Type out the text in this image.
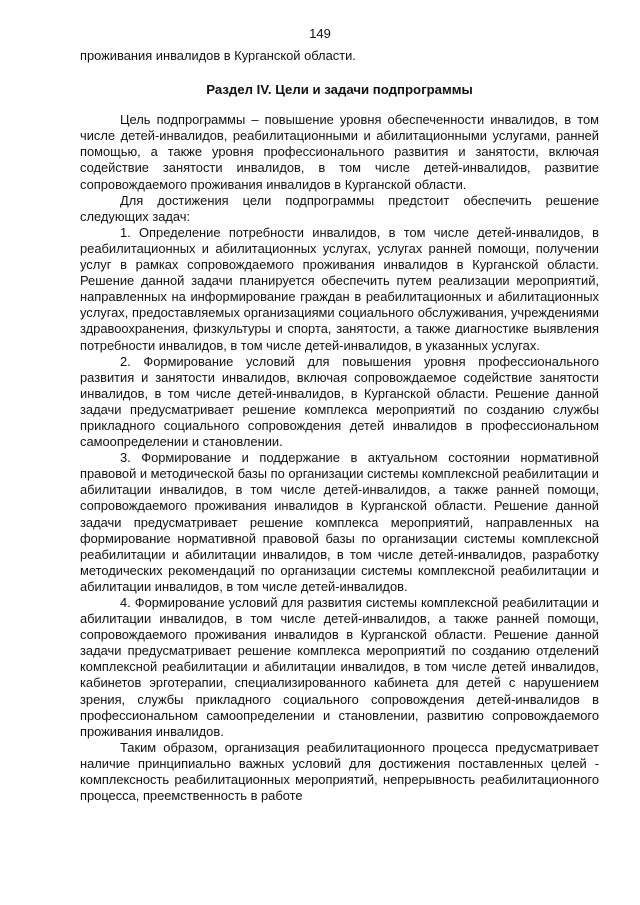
149

проживания инвалидов в Курганской области.

Раздел IV. Цели и задачи подпрограммы

Цель подпрограммы – повышение уровня обеспеченности инвалидов, в том числе детей-инвалидов, реабилитационными и абилитационными услугами, ранней помощью, а также уровня профессионального развития и занятости, включая содействие занятости инвалидов, в том числе детей-инвалидов, развитие сопровождаемого проживания инвалидов в Курганской области.

Для достижения цели подпрограммы предстоит обеспечить решение следующих задач:

1. Определение потребности инвалидов, в том числе детей-инвалидов, в реабилитационных и абилитационных услугах, услугах ранней помощи, получении услуг в рамках сопровождаемого проживания инвалидов в Курганской области. Решение данной задачи планируется обеспечить путем реализации мероприятий, направленных на информирование граждан в реабилитационных и абилитационных услугах, предоставляемых организациями социального обслуживания, учреждениями здравоохранения, физкультуры и спорта, занятости, а также диагностике выявления потребности инвалидов, в том числе детей-инвалидов, в указанных услугах.

2. Формирование условий для повышения уровня профессионального развития и занятости инвалидов, включая сопровождаемое содействие занятости инвалидов, в том числе детей-инвалидов, в Курганской области. Решение данной задачи предусматривает решение комплекса мероприятий по созданию службы прикладного социального сопровождения детей инвалидов в профессиональном самоопределении и становлении.

3. Формирование и поддержание в актуальном состоянии нормативной правовой и методической базы по организации системы комплексной реабилитации и абилитации инвалидов, в том числе детей-инвалидов, а также ранней помощи, сопровождаемого проживания инвалидов в Курганской области. Решение данной задачи предусматривает решение комплекса мероприятий, направленных на формирование нормативной правовой базы по организации системы комплексной реабилитации и абилитации инвалидов, в том числе детей-инвалидов, разработку методических рекомендаций по организации системы комплексной реабилитации и абилитации инвалидов, в том числе детей-инвалидов.

4. Формирование условий для развития системы комплексной реабилитации и абилитации инвалидов, в том числе детей-инвалидов, а также ранней помощи, сопровождаемого проживания инвалидов в Курганской области. Решение данной задачи предусматривает решение комплекса мероприятий по созданию отделений комплексной реабилитации и абилитации инвалидов, в том числе детей инвалидов, кабинетов эрготерапии, специализированного кабинета для детей с нарушением зрения, службы прикладного социального сопровождения детей-инвалидов в профессиональном самоопределении и становлении, развитию сопровождаемого проживания инвалидов.

Таким образом, организация реабилитационного процесса предусматривает наличие принципиально важных условий для достижения поставленных целей - комплексность реабилитационных мероприятий, непрерывность реабилитационного процесса, преемственность в работе
